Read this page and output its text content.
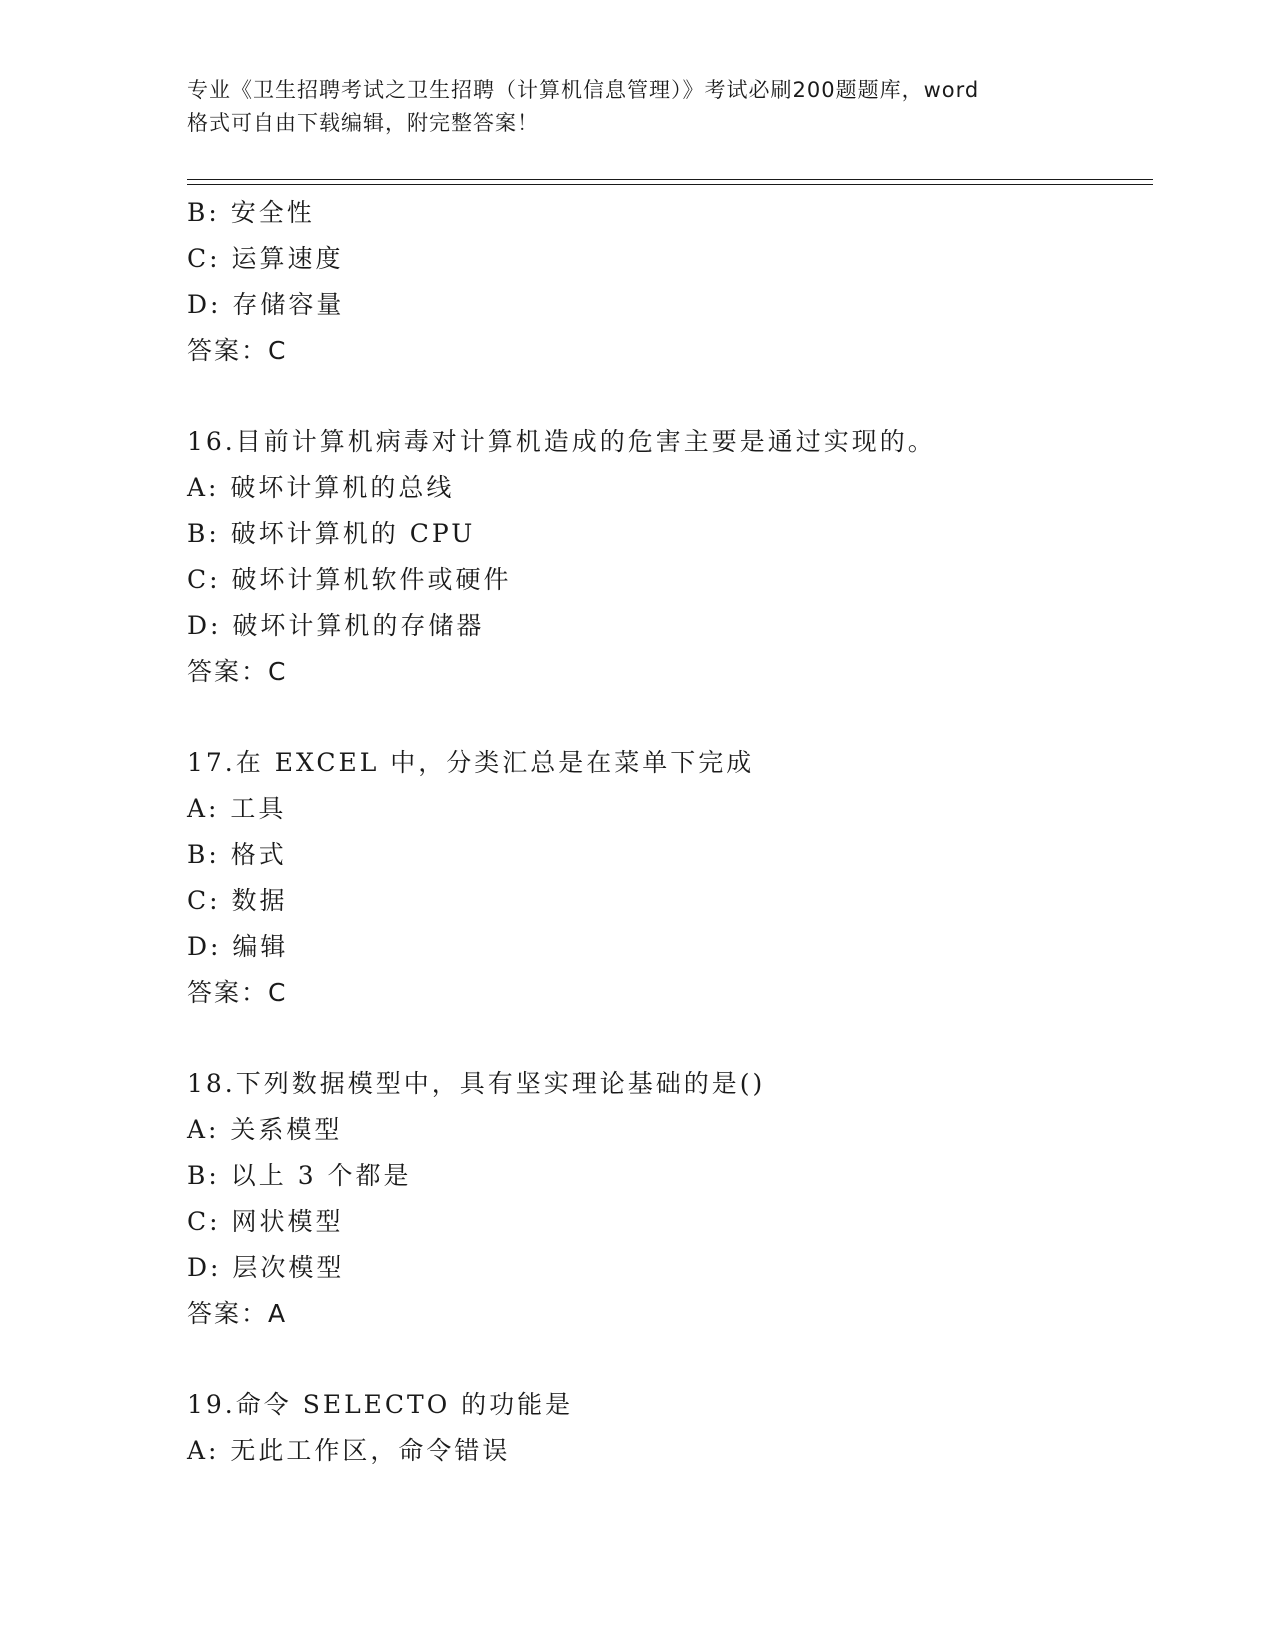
专业《卫生招聘考试之卫生招聘（计算机信息管理）》考试必刷200题题库，word
格式可自由下载编辑，附完整答案！
B: 安全性
C: 运算速度
D: 存储容量
答案：C
16.目前计算机病毒对计算机造成的危害主要是通过实现的。
A: 破坏计算机的总线
B: 破坏计算机的 CPU
C: 破坏计算机软件或硬件
D: 破坏计算机的存储器
答案：C
17.在 EXCEL 中，分类汇总是在菜单下完成
A: 工具
B: 格式
C: 数据
D: 编辑
答案：C
18.下列数据模型中，具有坚实理论基础的是()
A: 关系模型
B: 以上 3 个都是
C: 网状模型
D: 层次模型
答案：A
19.命令 SELECTO 的功能是
A: 无此工作区，命令错误
